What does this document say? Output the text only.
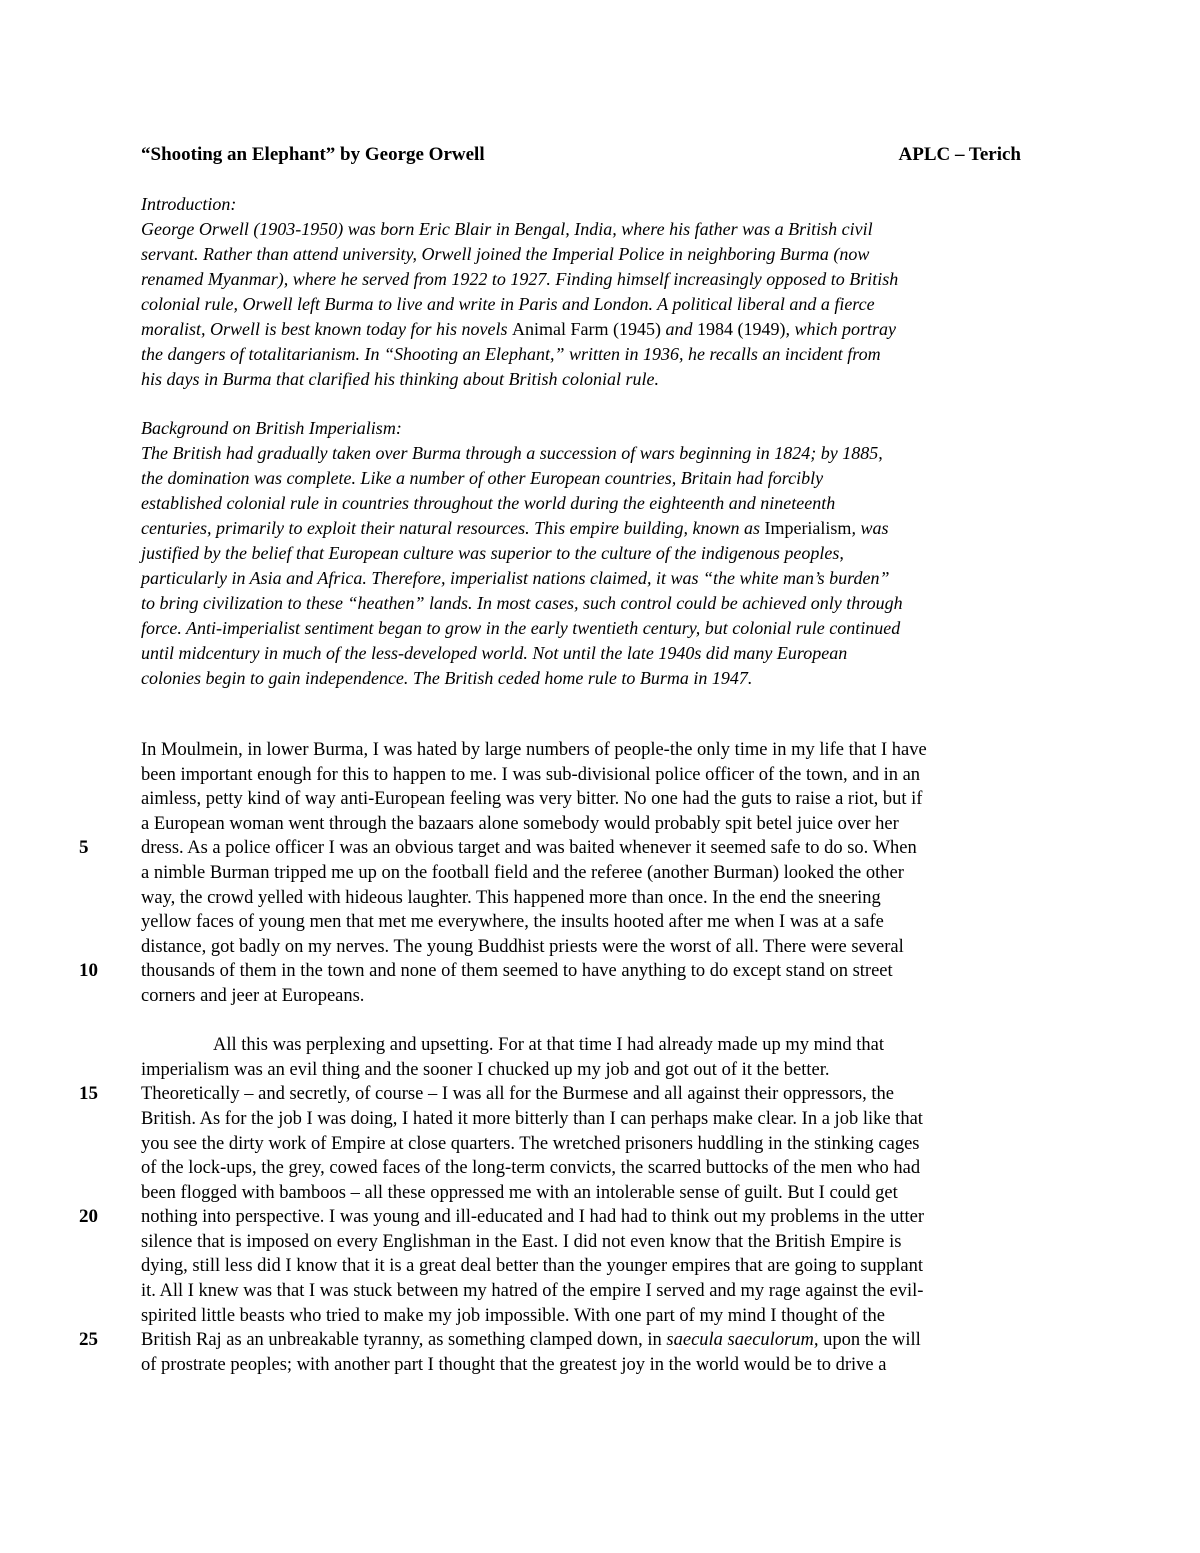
“Shooting an Elephant” by George Orwell	APLC – Terich
Introduction:
George Orwell (1903-1950) was born Eric Blair in Bengal, India, where his father was a British civil
servant. Rather than attend university, Orwell joined the Imperial Police in neighboring Burma (now
renamed Myanmar), where he served from 1922 to 1927. Finding himself increasingly opposed to British
colonial rule, Orwell left Burma to live and write in Paris and London. A political liberal and a fierce
moralist, Orwell is best known today for his novels Animal Farm (1945) and 1984 (1949), which portray
the dangers of totalitarianism. In “Shooting an Elephant,” written in 1936, he recalls an incident from
his days in Burma that clarified his thinking about British colonial rule.
Background on British Imperialism:
The British had gradually taken over Burma through a succession of wars beginning in 1824; by 1885,
the domination was complete. Like a number of other European countries, Britain had forcibly
established colonial rule in countries throughout the world during the eighteenth and nineteenth
centuries, primarily to exploit their natural resources. This empire building, known as Imperialism, was
justified by the belief that European culture was superior to the culture of the indigenous peoples,
particularly in Asia and Africa. Therefore, imperialist nations claimed, it was “the white man’s burden”
to bring civilization to these “heathen” lands. In most cases, such control could be achieved only through
force. Anti-imperialist sentiment began to grow in the early twentieth century, but colonial rule continued
until midcentury in much of the less-developed world. Not until the late 1940s did many European
colonies begin to gain independence. The British ceded home rule to Burma in 1947.
5
10
In Moulmein, in lower Burma, I was hated by large numbers of people-the only time in my life that I have
been important enough for this to happen to me. I was sub-divisional police officer of the town, and in an
aimless, petty kind of way anti-European feeling was very bitter. No one had the guts to raise a riot, but if
a European woman went through the bazaars alone somebody would probably spit betel juice over her
dress. As a police officer I was an obvious target and was baited whenever it seemed safe to do so. When
a nimble Burman tripped me up on the football field and the referee (another Burman) looked the other
way, the crowd yelled with hideous laughter. This happened more than once. In the end the sneering
yellow faces of young men that met me everywhere, the insults hooted after me when I was at a safe
distance, got badly on my nerves. The young Buddhist priests were the worst of all. There were several
thousands of them in the town and none of them seemed to have anything to do except stand on street
corners and jeer at Europeans.
15
20
25
All this was perplexing and upsetting. For at that time I had already made up my mind that
imperialism was an evil thing and the sooner I chucked up my job and got out of it the better.
Theoretically – and secretly, of course – I was all for the Burmese and all against their oppressors, the
British. As for the job I was doing, I hated it more bitterly than I can perhaps make clear. In a job like that
you see the dirty work of Empire at close quarters. The wretched prisoners huddling in the stinking cages
of the lock-ups, the grey, cowed faces of the long-term convicts, the scarred buttocks of the men who had
been flogged with bamboos – all these oppressed me with an intolerable sense of guilt. But I could get
nothing into perspective. I was young and ill-educated and I had had to think out my problems in the utter
silence that is imposed on every Englishman in the East. I did not even know that the British Empire is
dying, still less did I know that it is a great deal better than the younger empires that are going to supplant
it. All I knew was that I was stuck between my hatred of the empire I served and my rage against the evil-
spirited little beasts who tried to make my job impossible. With one part of my mind I thought of the
British Raj as an unbreakable tyranny, as something clamped down, in saecula saeculorum, upon the will
of prostrate peoples; with another part I thought that the greatest joy in the world would be to drive a
